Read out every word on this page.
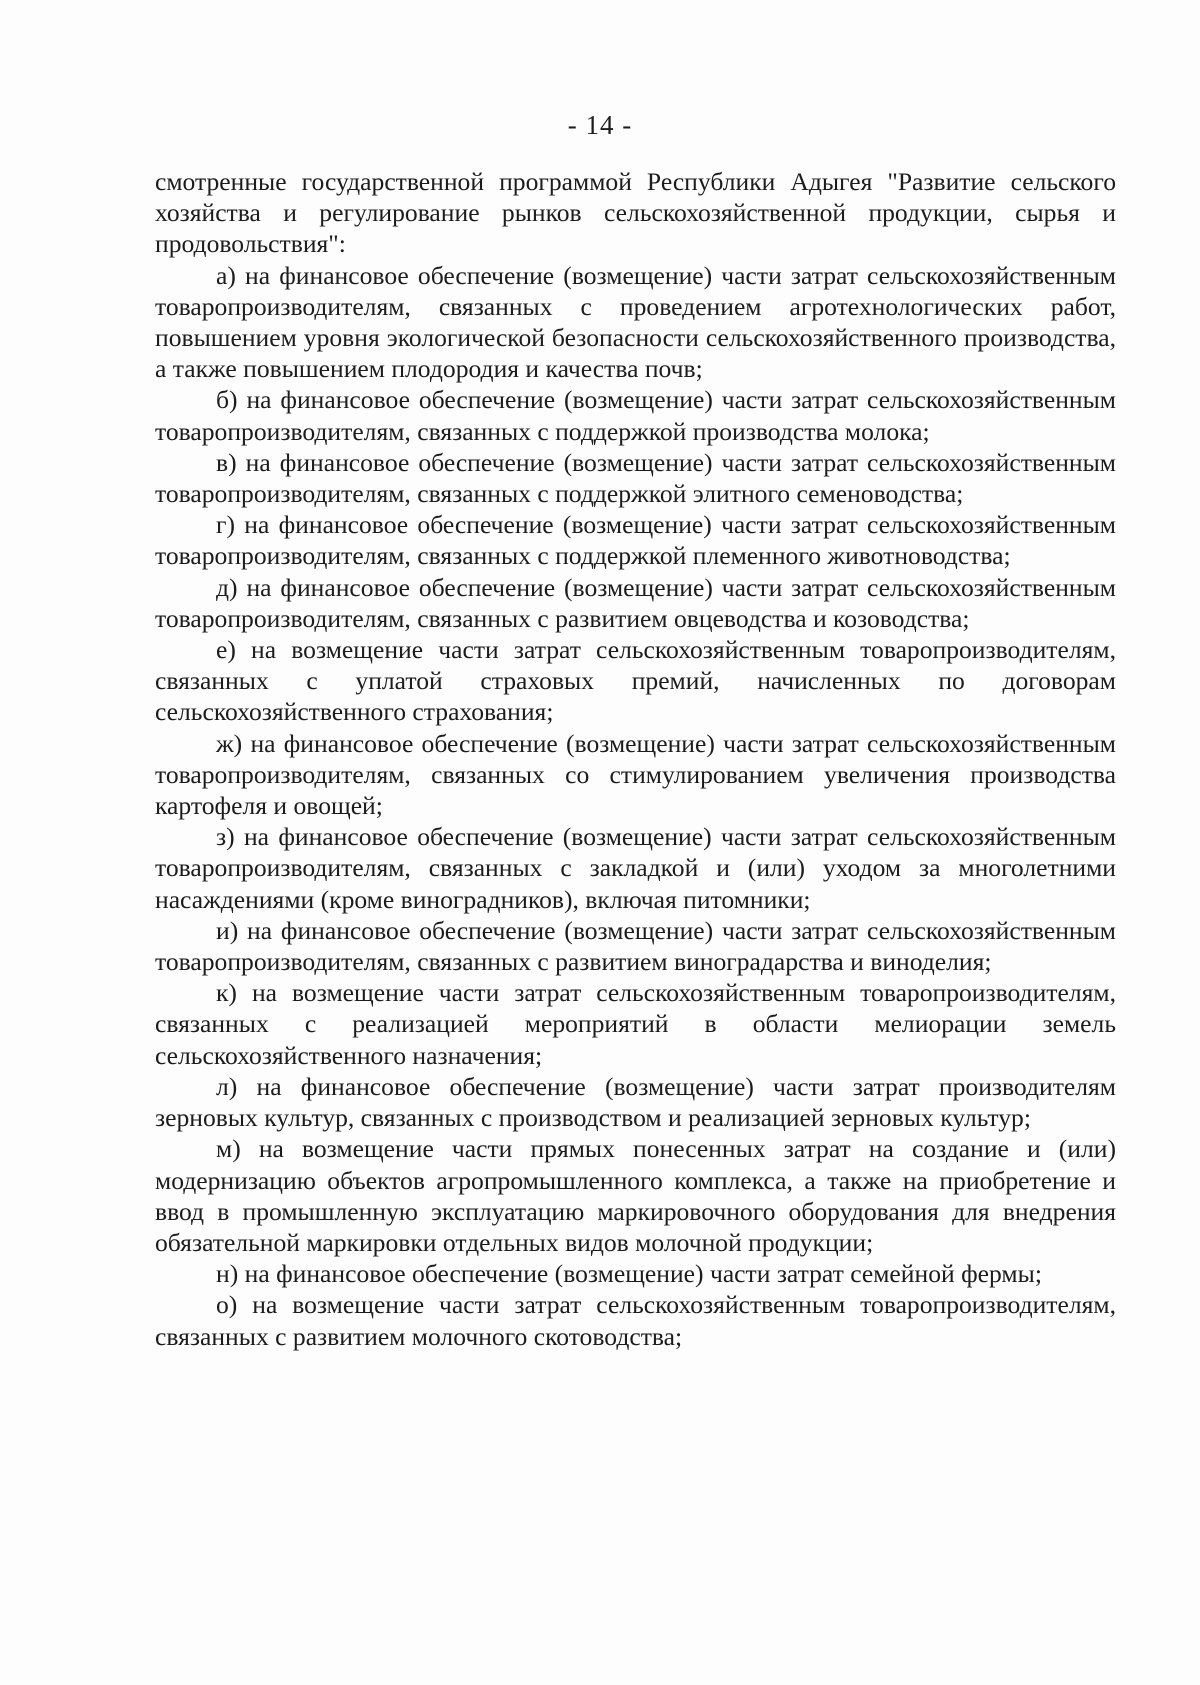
- 14 -

смотренные государственной программой Республики Адыгея "Развитие сельского хозяйства и регулирование рынков сельскохозяйственной продукции, сырья и продовольствия":

а) на финансовое обеспечение (возмещение) части затрат сельскохозяйственным товаропроизводителям, связанных с проведением агротехнологических работ, повышением уровня экологической безопасности сельскохозяйственного производства, а также повышением плодородия и качества почв;

б) на финансовое обеспечение (возмещение) части затрат сельскохозяйственным товаропроизводителям, связанных с поддержкой производства молока;

в) на финансовое обеспечение (возмещение) части затрат сельскохозяйственным товаропроизводителям, связанных с поддержкой элитного семеноводства;

г) на финансовое обеспечение (возмещение) части затрат сельскохозяйственным товаропроизводителям, связанных с поддержкой племенного животноводства;

д) на финансовое обеспечение (возмещение) части затрат сельскохозяйственным товаропроизводителям, связанных с развитием овцеводства и козоводства;

е) на возмещение части затрат сельскохозяйственным товаропроизводителям, связанных с уплатой страховых премий, начисленных по договорам сельскохозяйственного страхования;

ж) на финансовое обеспечение (возмещение) части затрат сельскохозяйственным товаропроизводителям, связанных со стимулированием увеличения производства картофеля и овощей;

з) на финансовое обеспечение (возмещение) части затрат сельскохозяйственным товаропроизводителям, связанных с закладкой и (или) уходом за многолетними насаждениями (кроме виноградников), включая питомники;

и) на финансовое обеспечение (возмещение) части затрат сельскохозяйственным товаропроизводителям, связанных с развитием виноградарства и виноделия;

к) на возмещение части затрат сельскохозяйственным товаропроизводителям, связанных с реализацией мероприятий в области мелиорации земель сельскохозяйственного назначения;

л) на финансовое обеспечение (возмещение) части затрат производителям зерновых культур, связанных с производством и реализацией зерновых культур;

м) на возмещение части прямых понесенных затрат на создание и (или) модернизацию объектов агропромышленного комплекса, а также на приобретение и ввод в промышленную эксплуатацию маркировочного оборудования для внедрения обязательной маркировки отдельных видов молочной продукции;

н) на финансовое обеспечение (возмещение) части затрат семейной фермы;

о) на возмещение части затрат сельскохозяйственным товаропроизводителям, связанных с развитием молочного скотоводства;
